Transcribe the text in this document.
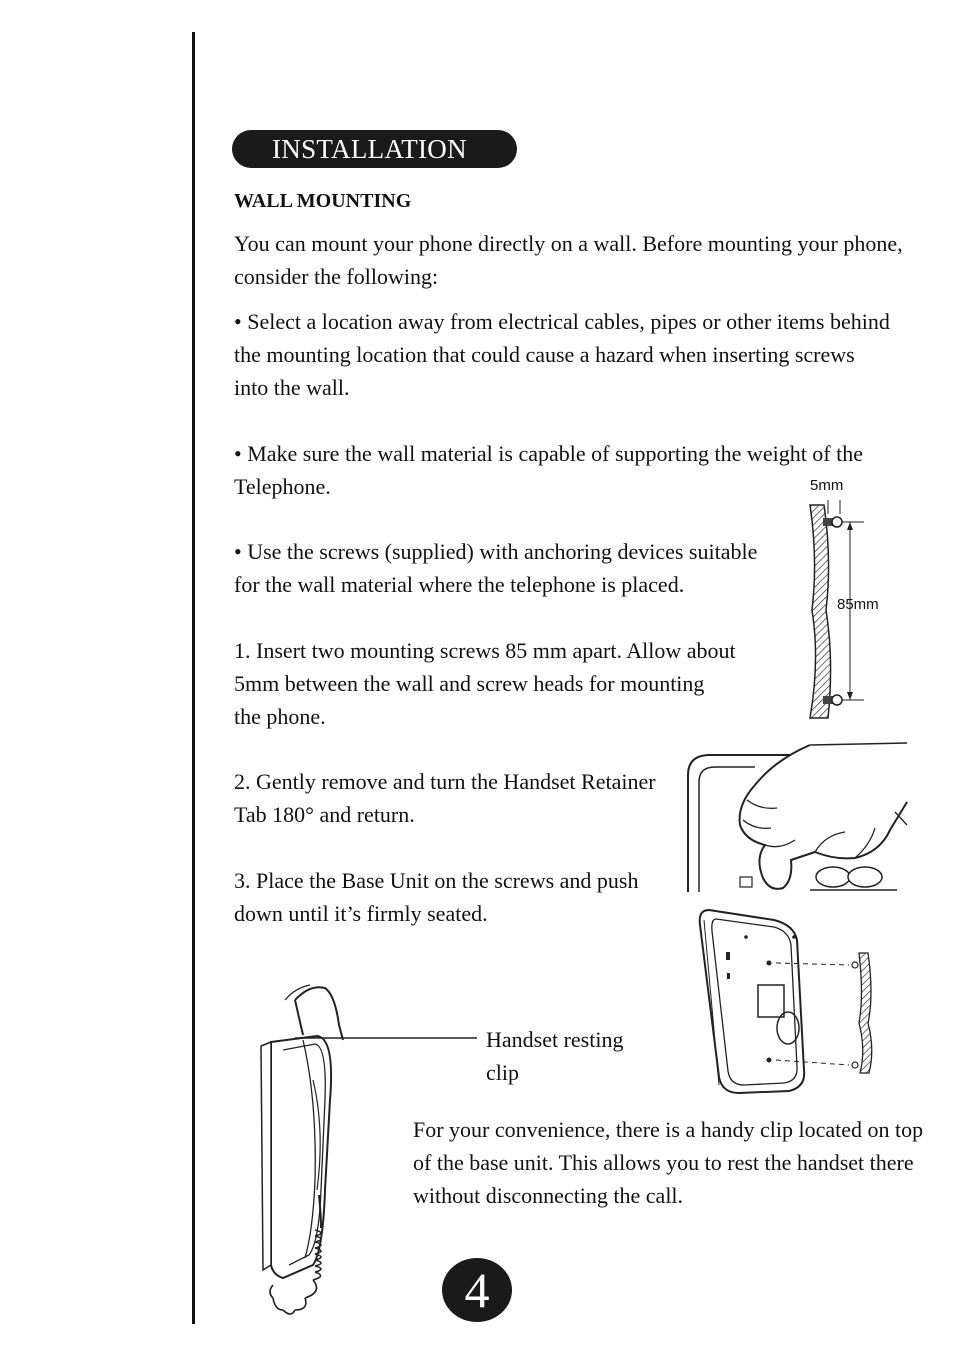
INSTALLATION
WALL MOUNTING
You can mount your phone directly on a wall. Before mounting your phone,
consider the following:
• Select a location away from electrical cables, pipes or other items behind
the mounting location that could cause a hazard when inserting screws
into the wall.
• Make sure the wall material is capable of supporting the weight of the
Telephone.
• Use the screws (supplied) with anchoring devices suitable
for the wall material where the telephone is placed.
1. Insert two mounting screws 85 mm apart. Allow about
5mm between the wall and screw heads for mounting
the phone.
2. Gently remove and turn the Handset Retainer
Tab 180° and return.
3. Place the Base Unit on the screws and push
down until it’s firmly seated.
5mm
85mm
Handset resting
clip
For your convenience, there is a handy clip located on top
of the base unit. This allows you to rest the handset there
without disconnecting the call.
4
